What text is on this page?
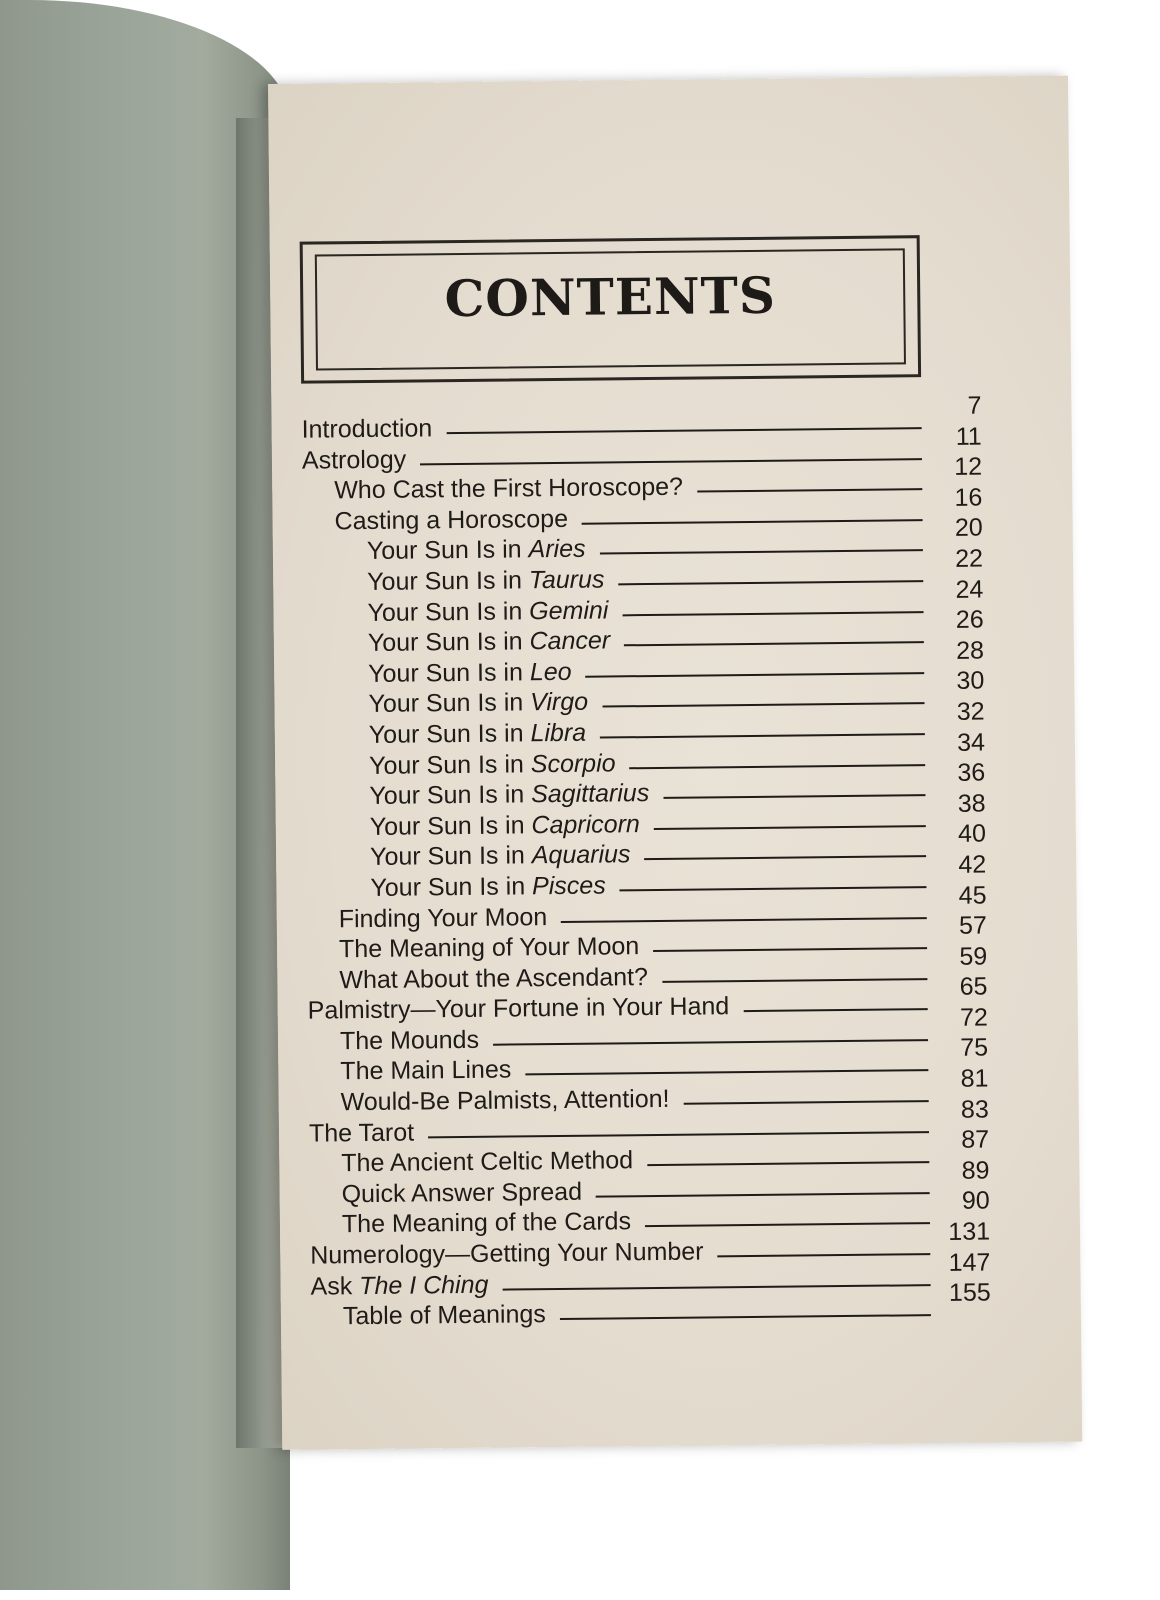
CONTENTS
Introduction
7
Astrology
11
Who Cast the First Horoscope?
12
Casting a Horoscope
16
Your Sun Is in Aries
20
Your Sun Is in Taurus
22
Your Sun Is in Gemini
24
Your Sun Is in Cancer
26
Your Sun Is in Leo
28
Your Sun Is in Virgo
30
Your Sun Is in Libra
32
Your Sun Is in Scorpio
34
Your Sun Is in Sagittarius
36
Your Sun Is in Capricorn
38
Your Sun Is in Aquarius
40
Your Sun Is in Pisces
42
Finding Your Moon
45
The Meaning of Your Moon
57
What About the Ascendant?
59
Palmistry—Your Fortune in Your Hand
65
The Mounds
72
The Main Lines
75
Would-Be Palmists, Attention!
81
The Tarot
83
The Ancient Celtic Method
87
Quick Answer Spread
89
The Meaning of the Cards
90
Numerology—Getting Your Number
131
Ask The I Ching
147
Table of Meanings
155
